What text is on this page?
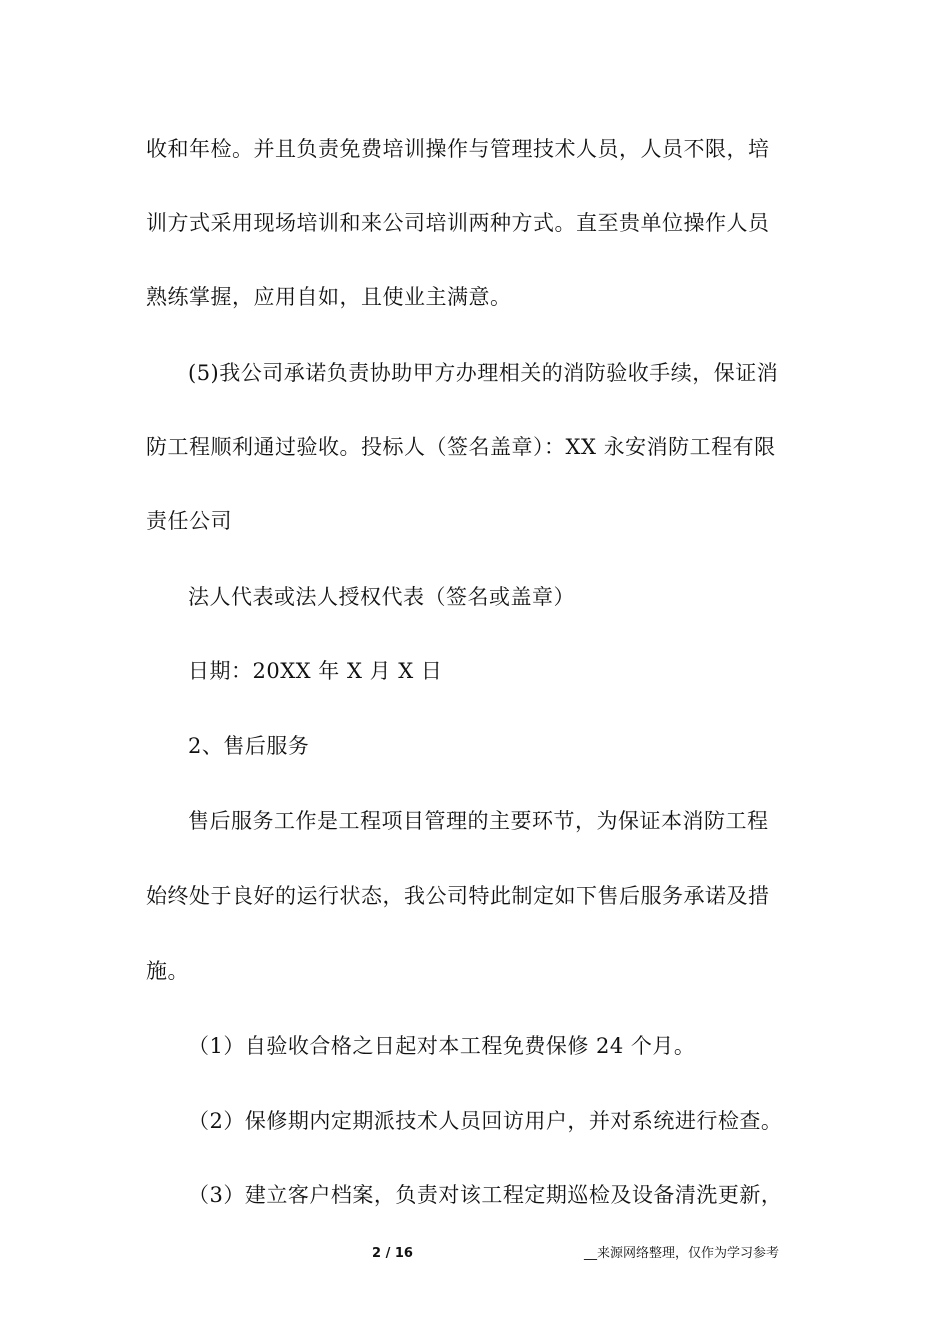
收和年检。并且负责免费培训操作与管理技术人员，人员不限，培
训方式采用现场培训和来公司培训两种方式。直至贵单位操作人员
熟练掌握，应用自如，且使业主满意。
(5)我公司承诺负责协助甲方办理相关的消防验收手续，保证消
防工程顺利通过验收。投标人（签名盖章）：XX 永安消防工程有限
责任公司
法人代表或法人授权代表（签名或盖章）
日期：20XX 年 X 月 X 日
2、售后服务
售后服务工作是工程项目管理的主要环节，为保证本消防工程
始终处于良好的运行状态，我公司特此制定如下售后服务承诺及措
施。
（1）自验收合格之日起对本工程免费保修 24 个月。
（2）保修期内定期派技术人员回访用户，并对系统进行检查。
（3）建立客户档案，负责对该工程定期巡检及设备清洗更新，
2 / 16	__来源网络整理，仅作为学习参考
